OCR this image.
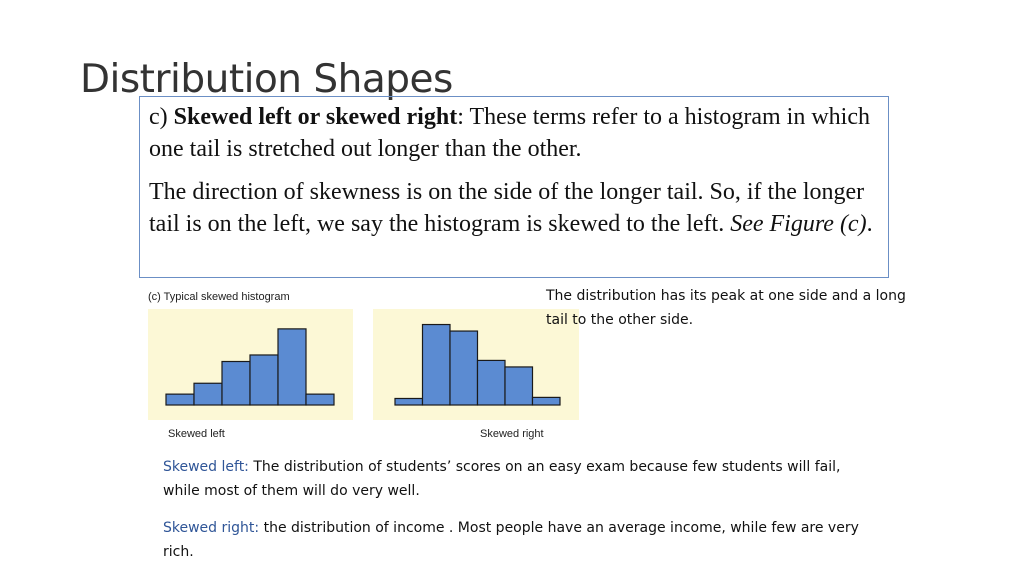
Distribution Shapes

c) Skewed left or skewed right: These terms refer to a histogram in which one tail is stretched out longer than the other.

The direction of skewness is on the side of the longer tail. So, if the longer tail is on the left, we say the histogram is skewed to the left. See Figure (c).

(c) Typical skewed histogram
Skewed left	Skewed right
The distribution has its peak at one side and a long tail to the other side.
Skewed left: The distribution of students’ scores on an easy exam because few students will fail, while most of them will do very well.
Skewed right: the distribution of income . Most people have an average income, while few are very rich.
